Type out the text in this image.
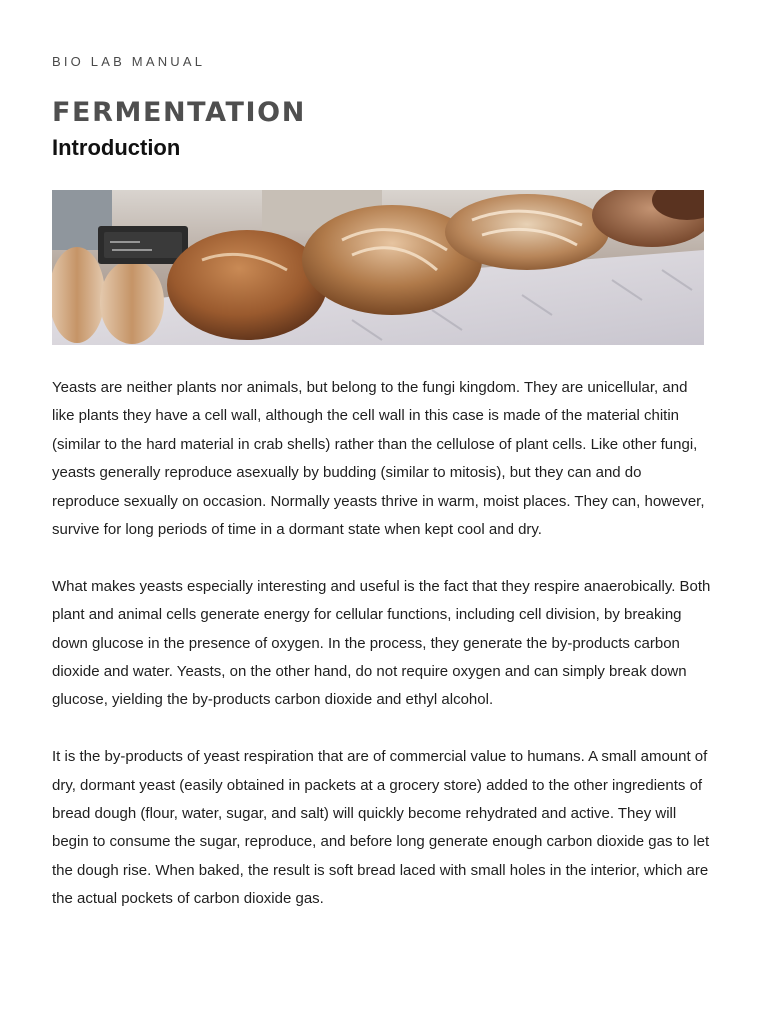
BIO LAB MANUAL
FERMENTATION
Introduction

Yeasts are neither plants nor animals, but belong to the fungi kingdom. They are unicellular, and like plants they have a cell wall, although the cell wall in this case is made of the material chitin (similar to the hard material in crab shells) rather than the cellulose of plant cells. Like other fungi, yeasts generally reproduce asexually by budding (similar to mitosis), but they can and do reproduce sexually on occasion. Normally yeasts thrive in warm, moist places. They can, however, survive for long periods of time in a dormant state when kept cool and dry.

What makes yeasts especially interesting and useful is the fact that they respire anaerobically. Both plant and animal cells generate energy for cellular functions, including cell division, by breaking down glucose in the presence of oxygen. In the process, they generate the by-products carbon dioxide and water. Yeasts, on the other hand, do not require oxygen and can simply break down glucose, yielding the by-products carbon dioxide and ethyl alcohol.

It is the by-products of yeast respiration that are of commercial value to humans. A small amount of dry, dormant yeast (easily obtained in packets at a grocery store) added to the other ingredients of bread dough (flour, water, sugar, and salt) will quickly become rehydrated and active. They will begin to consume the sugar, reproduce, and before long generate enough carbon dioxide gas to let the dough rise. When baked, the result is soft bread laced with small holes in the interior, which are the actual pockets of carbon dioxide gas.
